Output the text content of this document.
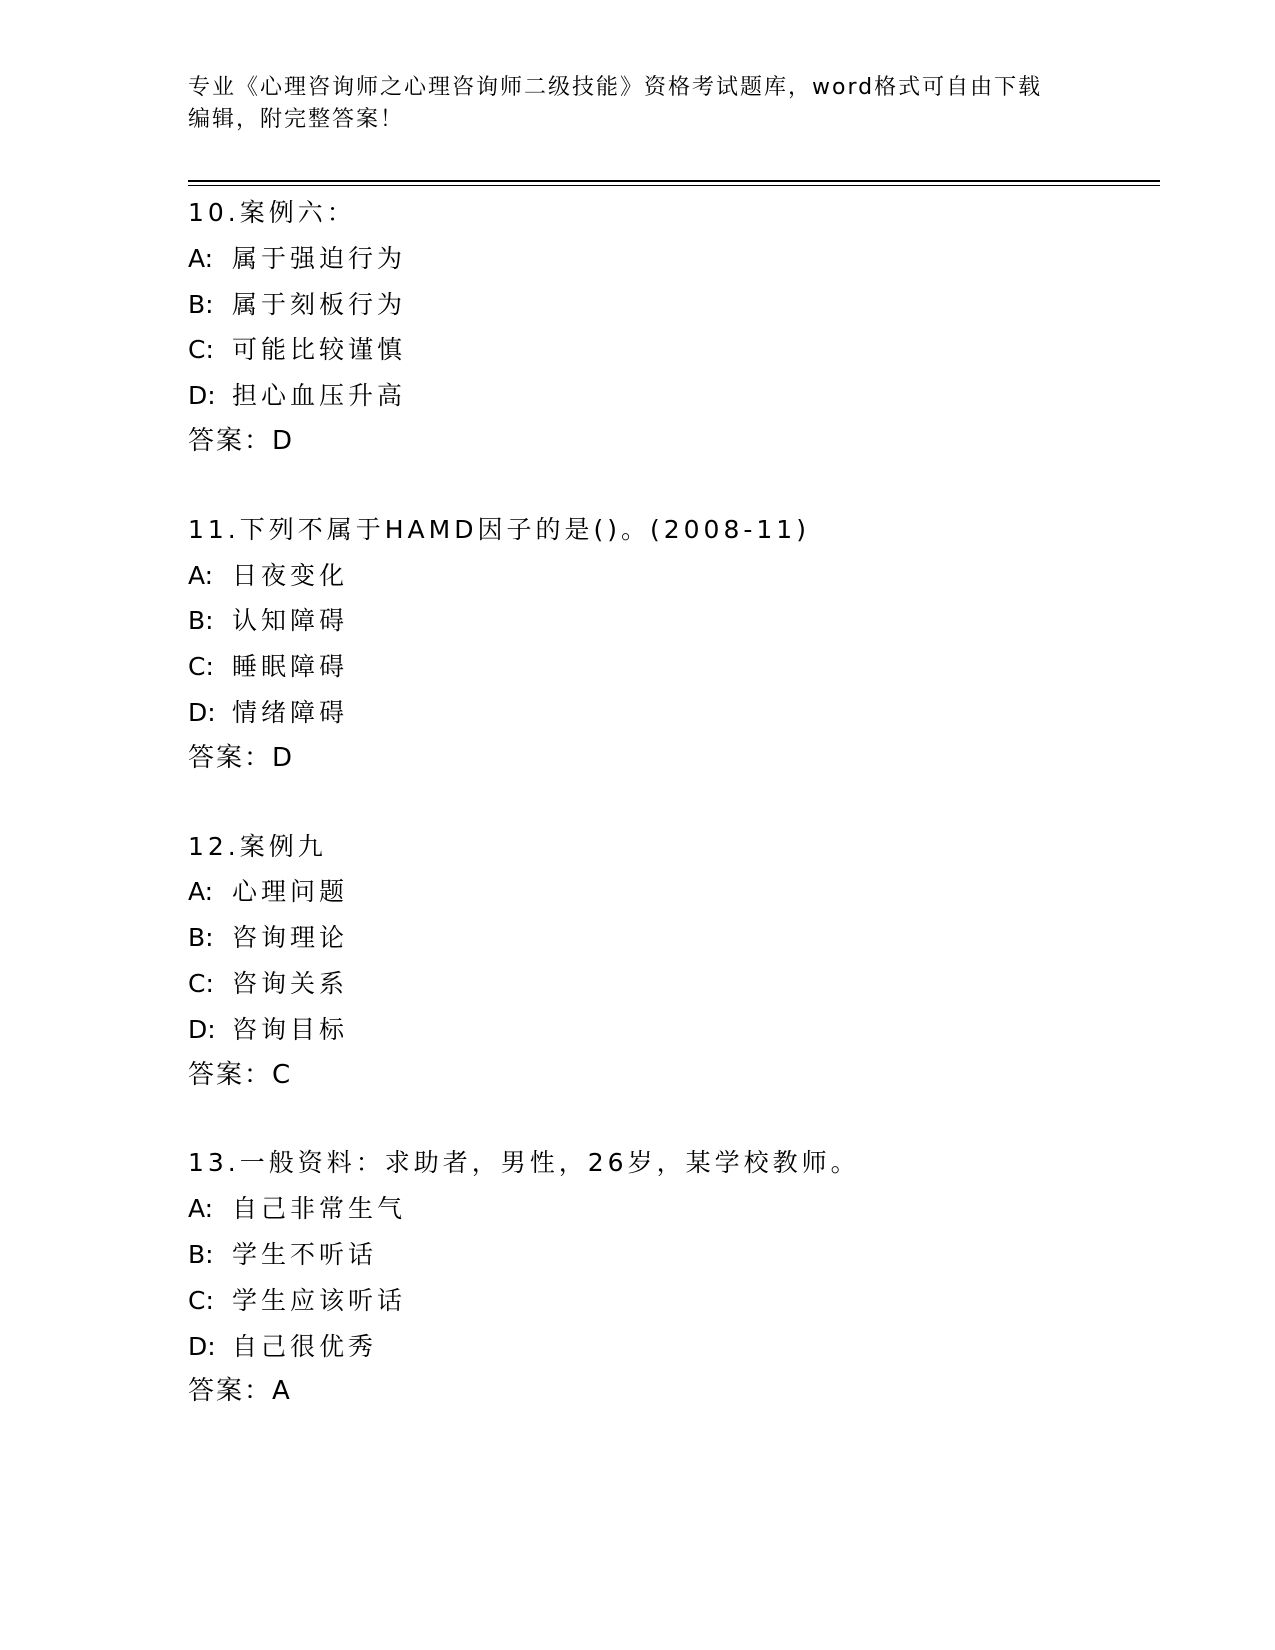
专业《心理咨询师之心理咨询师二级技能》资格考试题库，word格式可自由下载
编辑，附完整答案！
10.案例六：
A: 属于强迫行为
B: 属于刻板行为
C: 可能比较谨慎
D: 担心血压升高
答案：D
11.下列不属于HAMD因子的是()。(2008-11)
A: 日夜变化
B: 认知障碍
C: 睡眠障碍
D: 情绪障碍
答案：D
12.案例九
A: 心理问题
B: 咨询理论
C: 咨询关系
D: 咨询目标
答案：C
13.一般资料：求助者，男性，26岁，某学校教师。
A: 自己非常生气
B: 学生不听话
C: 学生应该听话
D: 自己很优秀
答案：A
